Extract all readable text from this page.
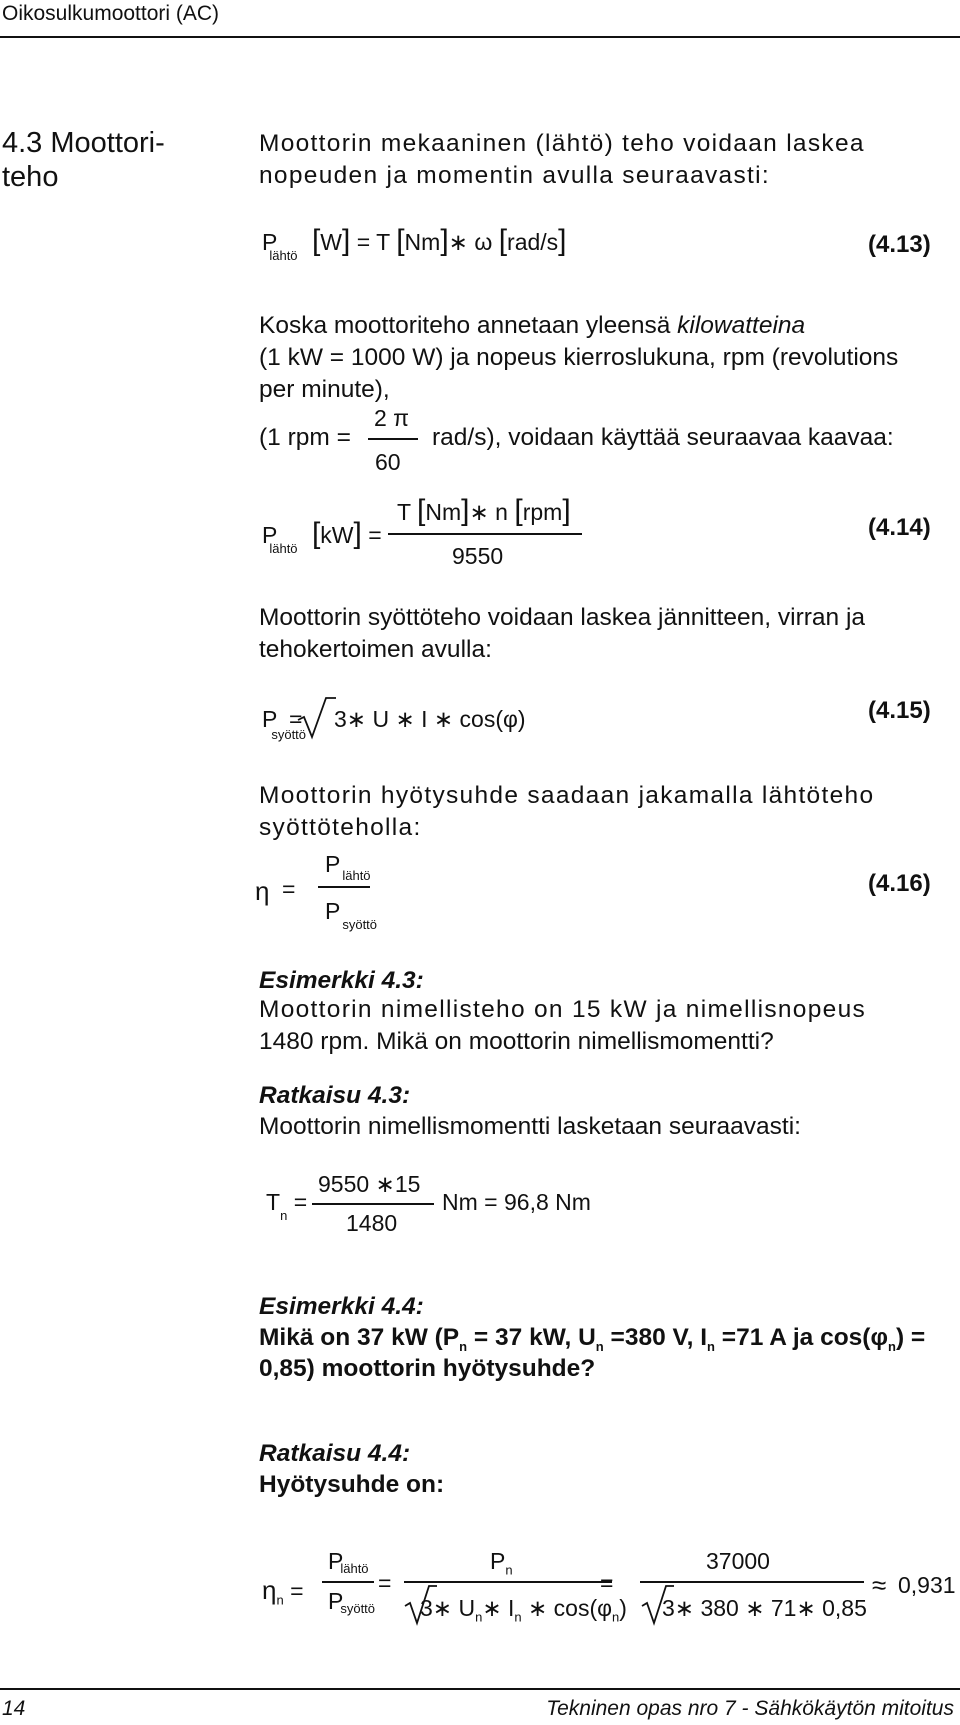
Oikosulkumoottori (AC)
4.3 Moottori-
teho
Moottorin mekaaninen (lähtö) teho voidaan laskea
nopeuden ja momentin avulla seuraavasti:
$P_{lähtö}$ [W] = T [Nm]∗ ω [rad/s]	(4.13)
Koska moottoriteho annetaan yleensä kilowatteina
(1 kW = 1000 W) ja nopeus kierroslukuna, rpm (revolutions
per minute),
(1 rpm =
2 π
60
rad/s), voidaan käyttää seuraavaa kaavaa:
$P_{lähtö}$ [kW] =
T [Nm]∗ n [rpm]
9550
(4.14)
Moottorin syöttöteho voidaan laskea jännitteen, virran ja
tehokertoimen avulla:
$P_{syöttö}$
= 3∗ U ∗ I ∗ cos(φ)	(4.15)
Moottorin hyötysuhde saadaan jakamalla lähtöteho
syöttöteholla:
η =
P $_{lähtö}$
$P_{syöttö}$
(4.16)
Esimerkki 4.3:
Moottorin nimellisteho on 15 kW ja nimellisnopeus
1480 rpm. Mikä on moottorin nimellismomentti?
Ratkaisu 4.3:
Moottorin nimellismomentti lasketaan seuraavasti:
$T_n$ =
9550 ∗15
1480
Nm = 96,8 Nm
Esimerkki 4.4:
Mikä on 37 kW ($P_n = 37$ kW, $U_n =380$ V, $I_n =71$ A ja $\cos(\varphi_n)$ =
0,85) moottorin hyötysuhde?
Ratkaisu 4.4:
Hyötysuhde on:
$\eta_n$ =
$P_{lähtö}$
$P_{syöttö}$
=
$P_n$
3∗ $U_n∗$ $I_n$ ∗ $\cos(\varphi_n)$
=
37000
3∗ 380 ∗ 71∗ 0,85
≈ 0,931
14	Tekninen opas nro 7 - Sähkökäytön mitoitus
